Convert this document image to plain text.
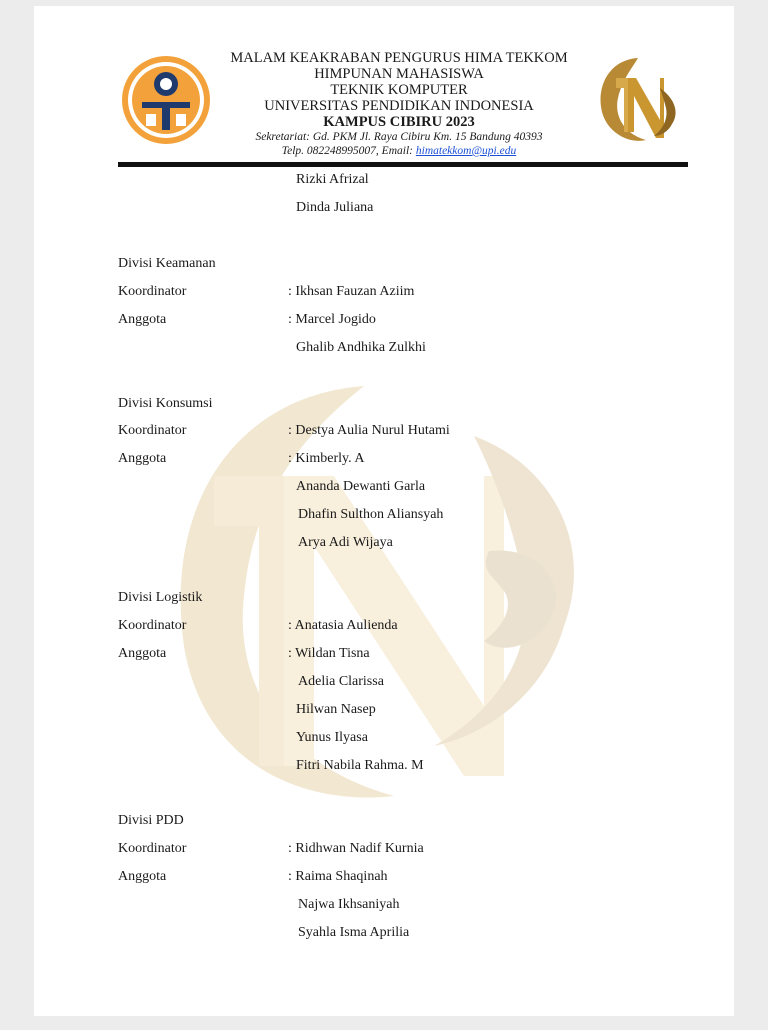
MALAM KEAKRABAN PENGURUS HIMA TEKKOM
HIMPUNAN MAHASISWA
TEKNIK KOMPUTER
UNIVERSITAS PENDIDIKAN INDONESIA
KAMPUS CIBIRU 2023
Sekretariat: Gd. PKM Jl. Raya Cibiru Km. 15 Bandung 40393
Telp. 082248995007, Email: himatekkom@upi.edu
Rizki Afrizal
Dinda Juliana
Divisi Keamanan
Koordinator	: Ikhsan Fauzan Aziim
Anggota	: Marcel Jogido
Ghalib Andhika Zulkhi
Divisi Konsumsi
Koordinator	: Destya Aulia Nurul Hutami
Anggota	: Kimberly. A
Ananda Dewanti Garla
Dhafin Sulthon Aliansyah
Arya Adi Wijaya
Divisi Logistik
Koordinator	: Anatasia Aulienda
Anggota	: Wildan Tisna
Adelia Clarissa
Hilwan Nasep
Yunus Ilyasa
Fitri Nabila Rahma. M
Divisi PDD
Koordinator	: Ridhwan Nadif Kurnia
Anggota	: Raima Shaqinah
Najwa Ikhsaniyah
Syahla Isma Aprilia
